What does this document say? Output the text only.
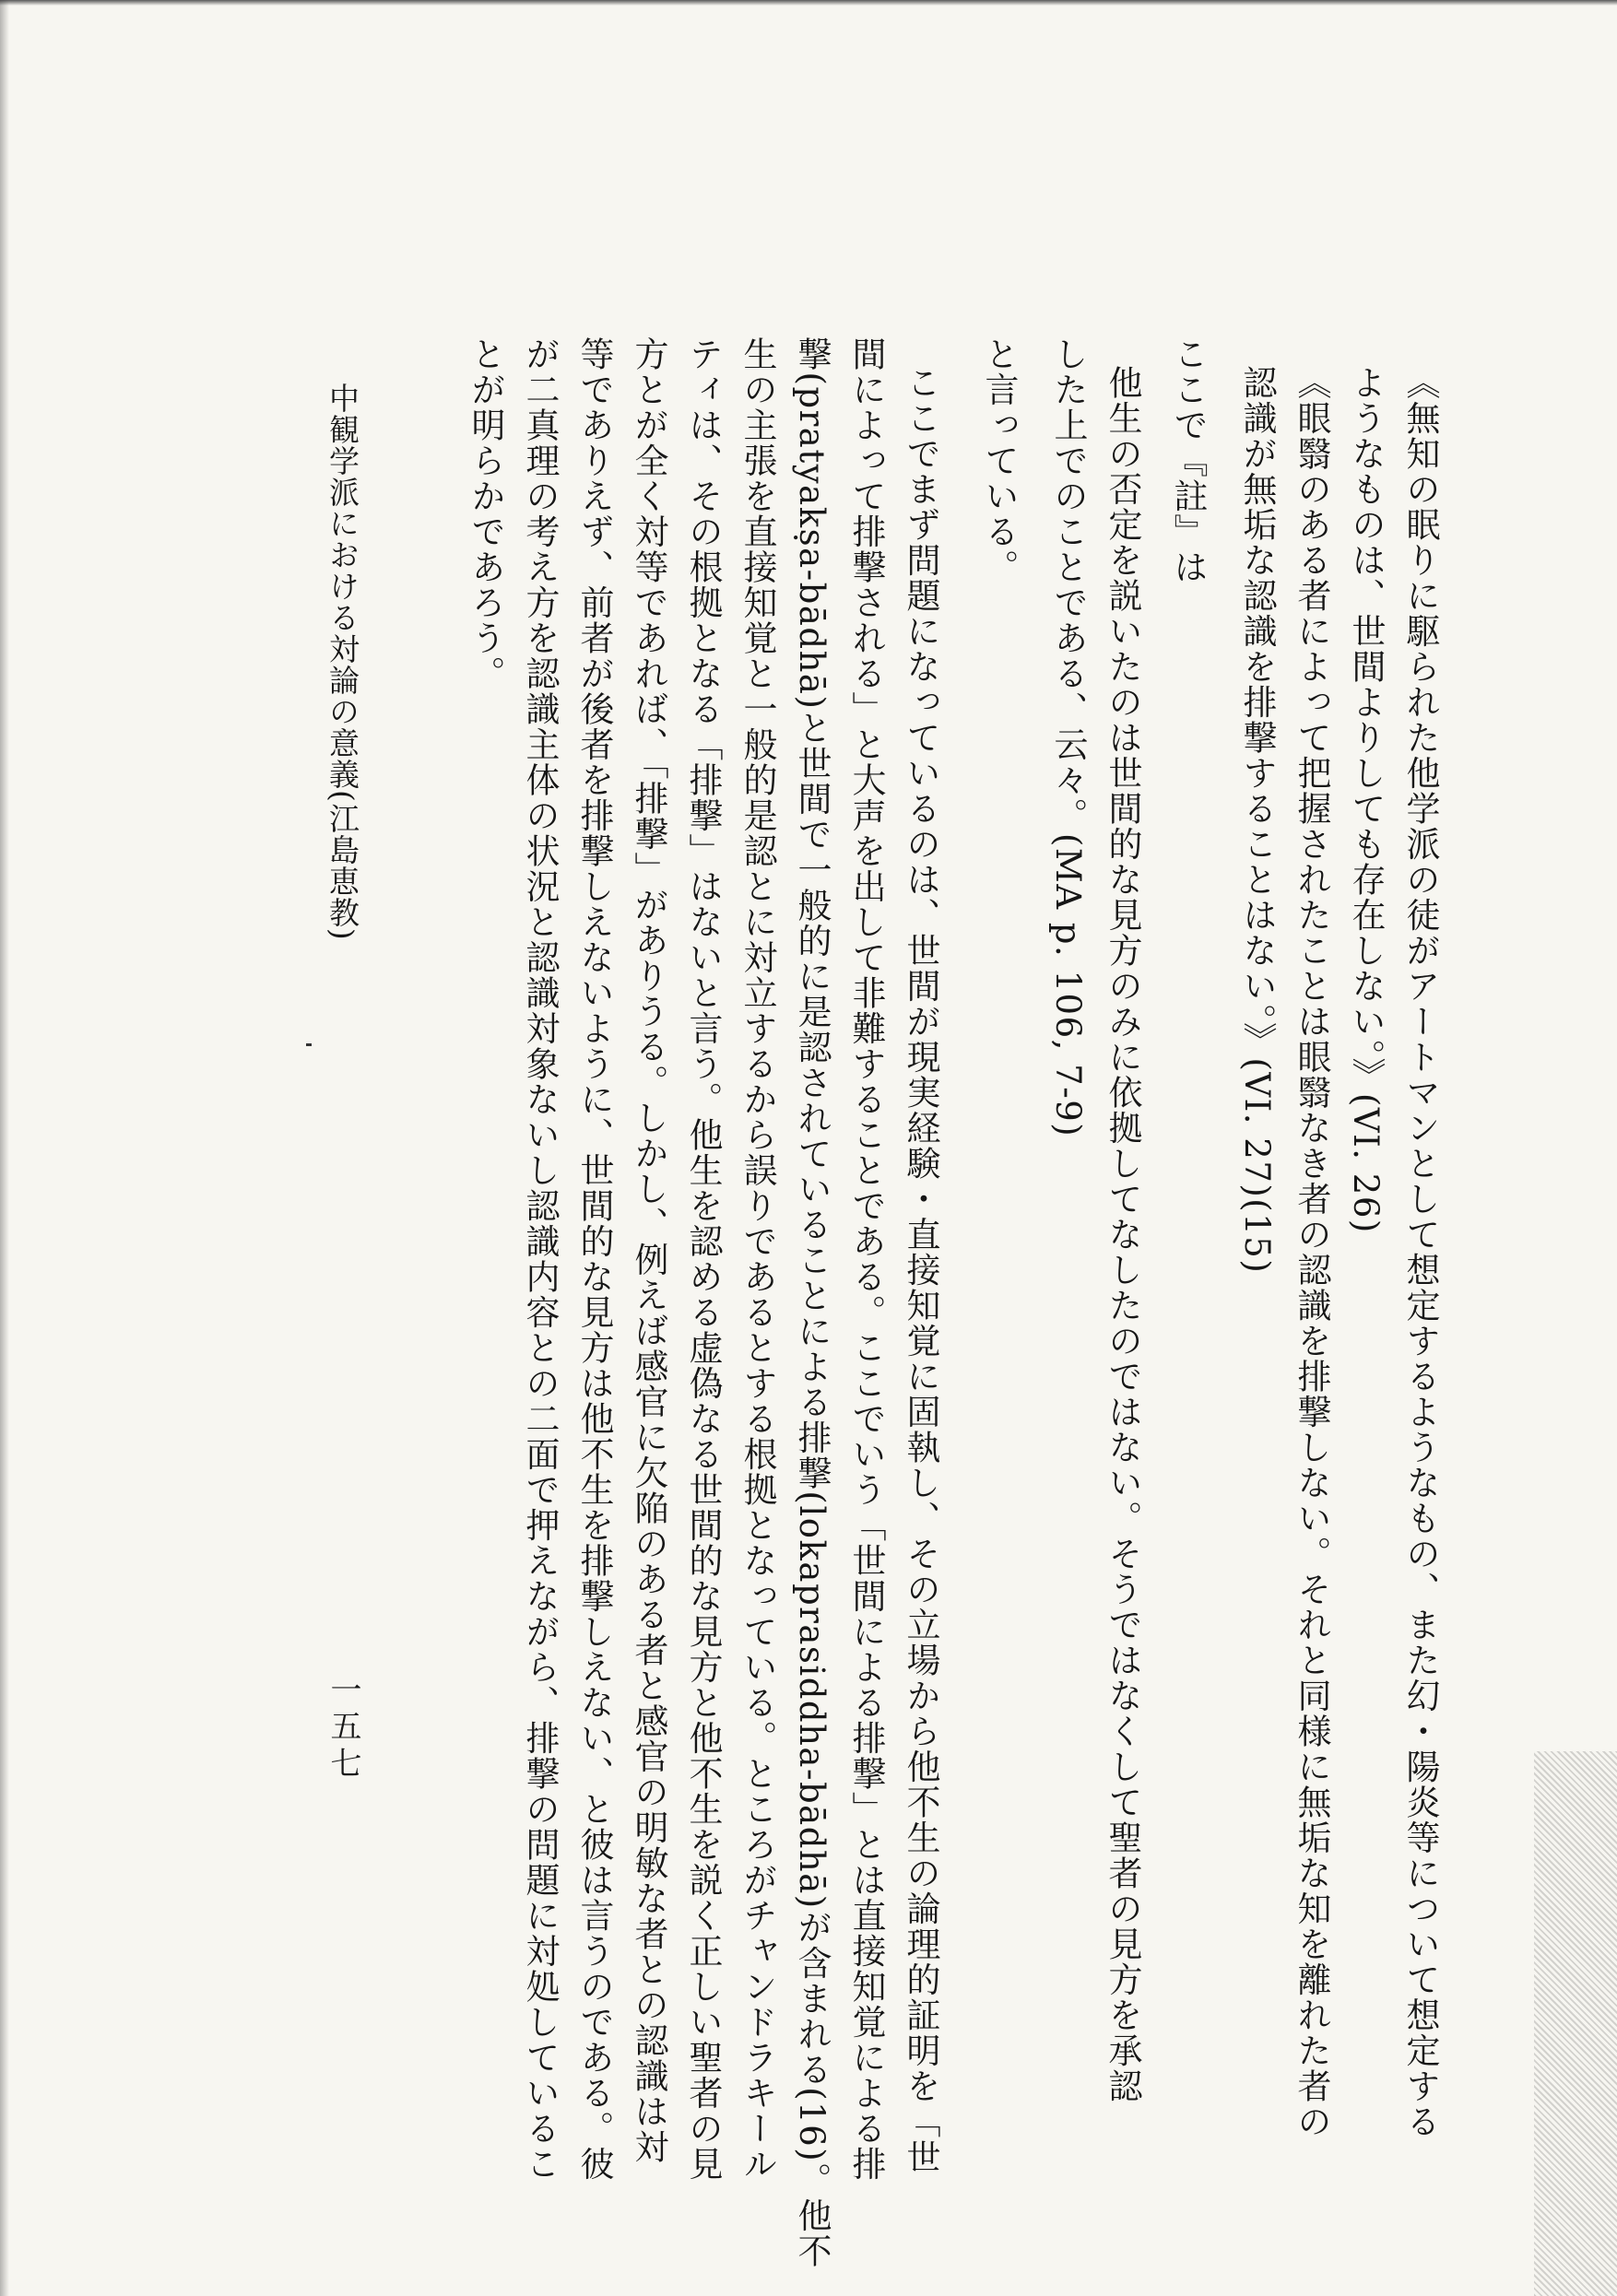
《無知の眠りに駆られた他学派の徒がアートマンとして想定するようなもの、また幻・陽炎等について想定する
ようなものは、世間よりしても存在しない。》(VI. 26)
《眼翳のある者によって把握されたことは眼翳なき者の認識を排撃しない。それと同様に無垢な知を離れた者の
認識が無垢な認識を排撃することはない。》(VI. 27)(15)
ここで『註』は
他生の否定を説いたのは世間的な見方のみに依拠してなしたのではない。そうではなくして聖者の見方を承認
した上でのことである、云々。(MA p. 106, 7-9)
と言っている。
ここでまず問題になっているのは、世間が現実経験・直接知覚に固執し、その立場から他不生の論理的証明を「世
間によって排撃される」と大声を出して非難することである。ここでいう「世間による排撃」とは直接知覚による排
撃(pratyakṣa-bādhā)と世間で一般的に是認されていることによる排撃(lokaprasiddha-bādhā)が含まれる(16)。他不
生の主張を直接知覚と一般的是認とに対立するから誤りであるとする根拠となっている。ところがチャンドラキール
ティは、その根拠となる「排撃」はないと言う。他生を認める虚偽なる世間的な見方と他不生を説く正しい聖者の見
方とが全く対等であれば、「排撃」がありうる。しかし、例えば感官に欠陥のある者と感官の明敏な者との認識は対
等でありえず、前者が後者を排撃しえないように、世間的な見方は他不生を排撃しえない、と彼は言うのである。彼
が二真理の考え方を認識主体の状況と認識対象ないし認識内容との二面で押えながら、排撃の問題に対処しているこ
とが明らかであろう。
中観学派における対論の意義(江島恵教)
一五七
